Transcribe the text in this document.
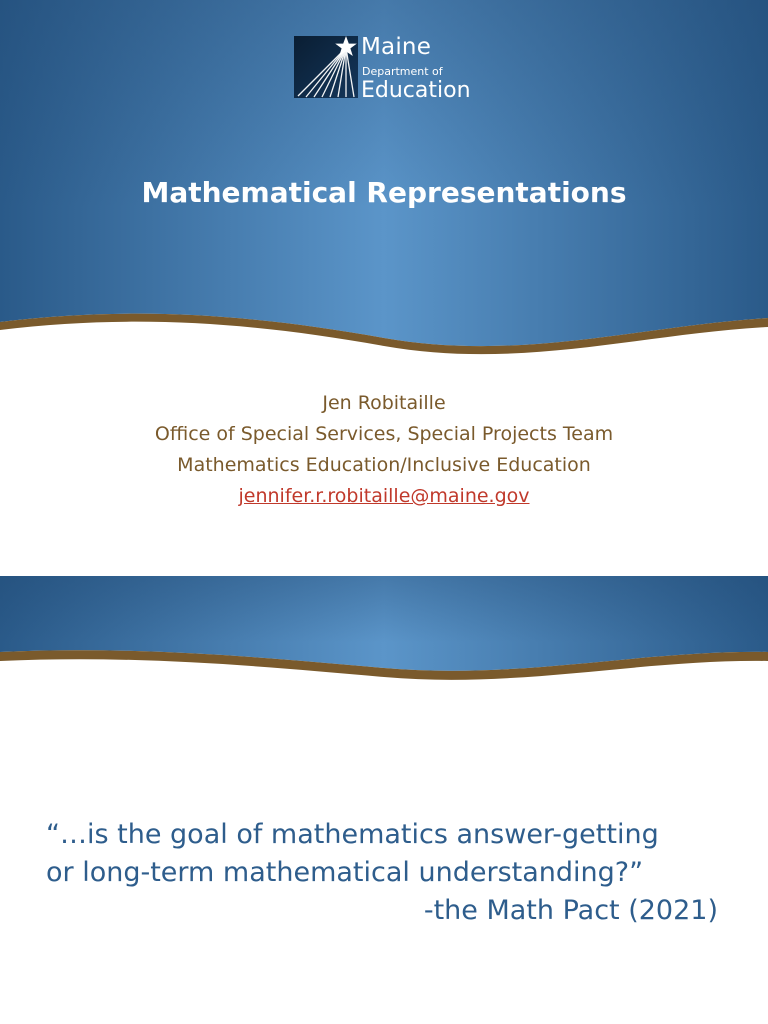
Maine
Department of
Education
Mathematical Representations
Jen Robitaille
Office of Special Services, Special Projects Team
Mathematics Education/Inclusive Education
jennifer.r.robitaille@maine.gov
“…is the goal of mathematics answer-getting
or long-term mathematical understanding?”
-the Math Pact (2021)
